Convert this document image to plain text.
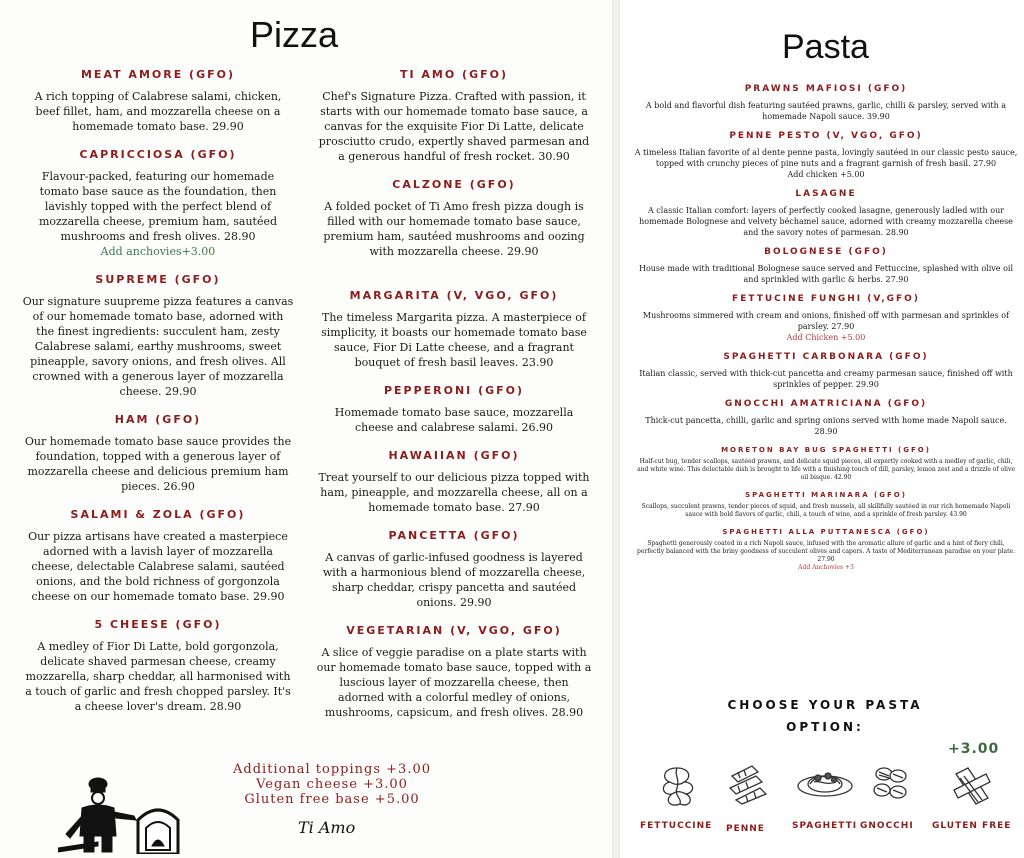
Pizza
MEAT AMORE (GFO)
A rich topping of Calabrese salami, chicken, beef fillet, ham, and mozzarella cheese on a homemade tomato base. 29.90
CAPRICCIOSA (GFO)
Flavour-packed, featuring our homemade tomato base sauce as the foundation, then lavishly topped with the perfect blend of mozzarella cheese, premium ham, sautéed mushrooms and fresh olives. 28.90
Add anchovies+3.00
SUPREME (GFO)
Our signature suupreme pizza features a canvas of our homemade tomato base, adorned with the finest ingredients: succulent ham, zesty Calabrese salami, earthy mushrooms, sweet pineapple, savory onions, and fresh olives. All crowned with a generous layer of mozzarella cheese. 29.90
HAM (GFO)
Our homemade tomato base sauce provides the foundation, topped with a generous layer of mozzarella cheese and delicious premium ham pieces. 26.90
SALAMI & ZOLA (GFO)
Our pizza artisans have created a masterpiece adorned with a lavish layer of mozzarella cheese, delectable Calabrese salami, sautéed onions, and the bold richness of gorgonzola cheese on our homemade tomato base. 29.90
5 CHEESE (GFO)
A medley of Fior Di Latte, bold gorgonzola, delicate shaved parmesan cheese, creamy mozzarella, sharp cheddar, all harmonised with a touch of garlic and fresh chopped parsley. It's a cheese lover's dream. 28.90
TI AMO (GFO)
Chef's Signature Pizza. Crafted with passion, it starts with our homemade tomato base sauce, a canvas for the exquisite Fior Di Latte, delicate prosciutto crudo, expertly shaved parmesan and a generous handful of fresh rocket. 30.90
CALZONE (GFO)
A folded pocket of Ti Amo fresh pizza dough is filled with our homemade tomato base sauce, premium ham, sautéed mushrooms and oozing with mozzarella cheese. 29.90
MARGARITA (V, VGO, GFO)
The timeless Margarita pizza. A masterpiece of simplicity, it boasts our homemade tomato base sauce, Fior Di Latte cheese, and a fragrant bouquet of fresh basil leaves. 23.90
PEPPERONI (GFO)
Homemade tomato base sauce, mozzarella cheese and calabrese salami. 26.90
HAWAIIAN (GFO)
Treat yourself to our delicious pizza topped with ham, pineapple, and mozzarella cheese, all on a homemade tomato base. 27.90
PANCETTA (GFO)
A canvas of garlic-infused goodness is layered with a harmonious blend of mozzarella cheese, sharp cheddar, crispy pancetta and sautéed onions. 29.90
VEGETARIAN (V, VGO, GFO)
A slice of veggie paradise on a plate starts with our homemade tomato base sauce, topped with a luscious layer of mozzarella cheese, then adorned with a colorful medley of onions, mushrooms, capsicum, and fresh olives. 28.90
Additional toppings +3.00
Vegan cheese +3.00
Gluten free base +5.00
Ti Amo
Pasta
PRAWNS MAFIOSI (GFO)
A bold and flavorful dish featuring sautéed prawns, garlic, chilli & parsley, served with a homemade Napoli sauce. 39.90
PENNE PESTO (V, VGO, GFO)
A timeless Italian favorite of al dente penne pasta, lovingly sautéed in our classic pesto sauce, topped with crunchy pieces of pine nuts and a fragrant garnish of fresh basil. 27.90
Add chicken +5.00
LASAGNE
A classic Italian comfort: layers of perfectly cooked lasagne, generously ladled with our homemade Bolognese and velvety béchamel sauce, adorned with creamy mozzarella cheese and the savory notes of parmesan. 28.90
BOLOGNESE (GFO)
House made with traditional Bolognese sauce served and Fettuccine, splashed with olive oil and sprinkled with garlic & herbs. 27.90
FETTUCINE FUNGHI (V,GFO)
Mushrooms simmered with cream and onions, finished off with parmesan and sprinkles of parsley. 27.90
Add Chicken +5.00
SPAGHETTI CARBONARA (GFO)
Italian classic, served with thick-cut pancetta and creamy parmesan sauce, finished off with sprinkles of pepper. 29.90
GNOCCHI AMATRICIANA (GFO)
Thick-cut pancetta, chilli, garlic and spring onions served with home made Napoli sauce. 28.90
MORETON BAY BUG SPAGHETTI (GFO)
Half-cut bug, tender scallops, sautéed prawns, and delicate squid pieces, all expertly cooked with a medley of garlic, chili, and white wine. This delectable dish is brought to life with a finishing touch of dill, parsley, lemon zest and a drizzle of olive oil bisque. 42.90
SPAGHETTI MARINARA (GFO)
Scallops, succulent prawns, tender pieces of squid, and fresh mussels, all skillfully sautéed in our rich homemade Napoli sauce with bold flavors of garlic, chili, a touch of wine, and a sprinkle of fresh parsley. 43.90
SPAGHETTI ALLA PUTTANESCA (GFO)
Spaghetti generously coated in a rich Napoli sauce, infused with the aromatic allure of garlic and a hint of fiery chili, perfectly balanced with the briny goodness of succulent olives and capers. A taste of Mediterranean paradise on your plate. 27.90
Add Anchovies +3
CHOOSE YOUR PASTA
OPTION:
+3.00
FETTUCCINE PENNE	SPAGHETTI GNOCCHI GLUTEN FREE
